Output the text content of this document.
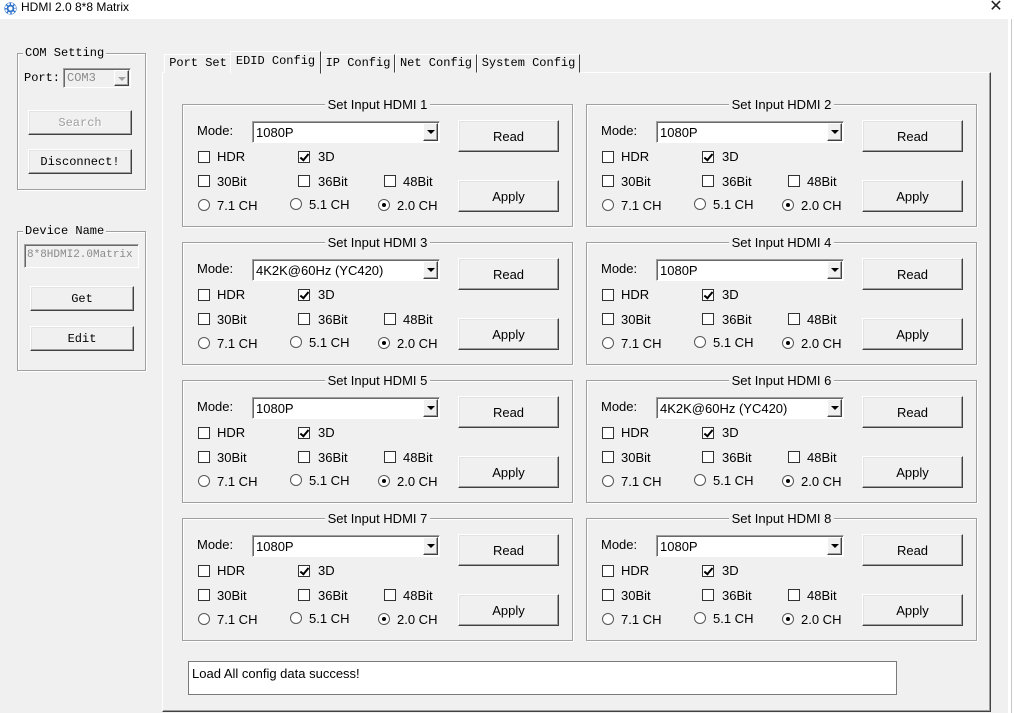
HDMI 2.0 8*8 Matrix	✕
COM Setting
Port: COM3
Search
Disconnect!
Device Name
8*8HDMI2.0Matrix
Get
Edit
Port Set EDID Config IP Config Net Config System Config
Set Input HDMI 1
Mode: 1080P	Read
Apply
HDR	3D
30Bit	36Bit	48Bit
7.1 CH	5.1 CH	2.0 CH
Set Input HDMI 2
Mode: 1080P	Read
Apply
HDR	3D
30Bit	36Bit	48Bit
7.1 CH	5.1 CH	2.0 CH
Set Input HDMI 3
Mode: 4K2K@60Hz (YC420)	Read
Apply
HDR	3D
30Bit	36Bit	48Bit
7.1 CH	5.1 CH	2.0 CH
Set Input HDMI 4
Mode: 1080P	Read
Apply
HDR	3D
30Bit	36Bit	48Bit
7.1 CH	5.1 CH	2.0 CH
Set Input HDMI 5
Mode: 1080P	Read
Apply
HDR	3D
30Bit	36Bit	48Bit
7.1 CH	5.1 CH	2.0 CH
Set Input HDMI 6
Mode: 4K2K@60Hz (YC420)	Read
Apply
HDR	3D
30Bit	36Bit	48Bit
7.1 CH	5.1 CH	2.0 CH
Set Input HDMI 7
Mode: 1080P	Read
Apply
HDR	3D
30Bit	36Bit	48Bit
7.1 CH	5.1 CH	2.0 CH
Set Input HDMI 8
Mode: 1080P	Read
Apply
HDR	3D
30Bit	36Bit	48Bit
7.1 CH	5.1 CH	2.0 CH
Load All config data success!
